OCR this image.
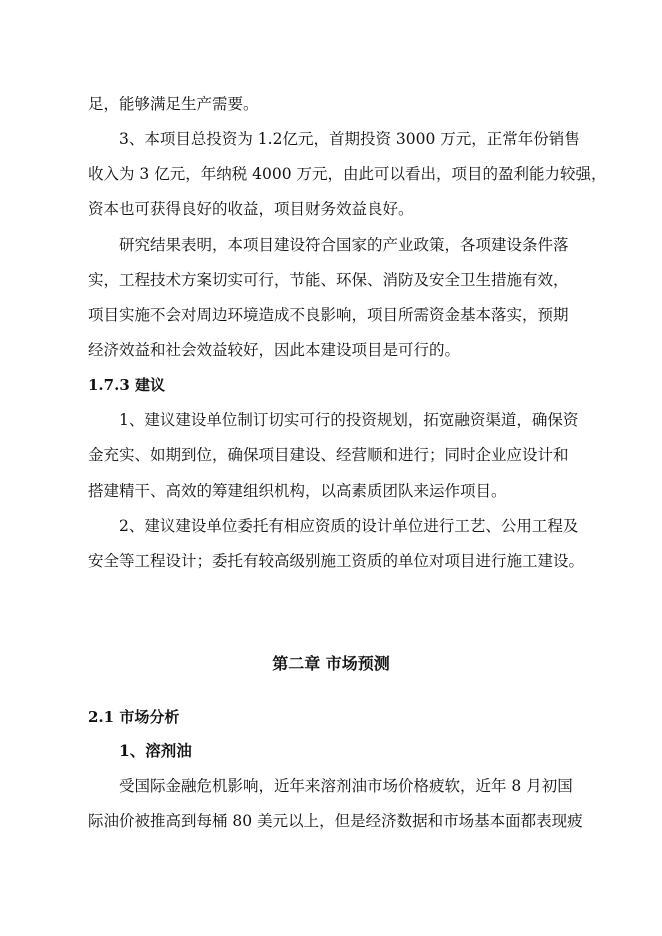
足，能够满足生产需要。
3、本项目总投资为 1.2亿元，首期投资 3000 万元，正常年份销售
收入为 3 亿元，年纳税 4000 万元，由此可以看出，项目的盈利能力较强，
资本也可获得良好的收益，项目财务效益良好。
研究结果表明，本项目建设符合国家的产业政策，各项建设条件落
实，工程技术方案切实可行，节能、环保、消防及安全卫生措施有效，
项目实施不会对周边环境造成不良影响，项目所需资金基本落实，预期
经济效益和社会效益较好，因此本建设项目是可行的。
1.7.3 建议
1、建议建设单位制订切实可行的投资规划，拓宽融资渠道，确保资
金充实、如期到位，确保项目建设、经营顺和进行；同时企业应设计和
搭建精干、高效的筹建组织机构，以高素质团队来运作项目。
2、建议建设单位委托有相应资质的设计单位进行工艺、公用工程及
安全等工程设计；委托有较高级别施工资质的单位对项目进行施工建设。
第二章 市场预测
2.1 市场分析
1、溶剂油
受国际金融危机影响，近年来溶剂油市场价格疲软，近年 8 月初国
际油价被推高到每桶 80 美元以上，但是经济数据和市场基本面都表现疲
